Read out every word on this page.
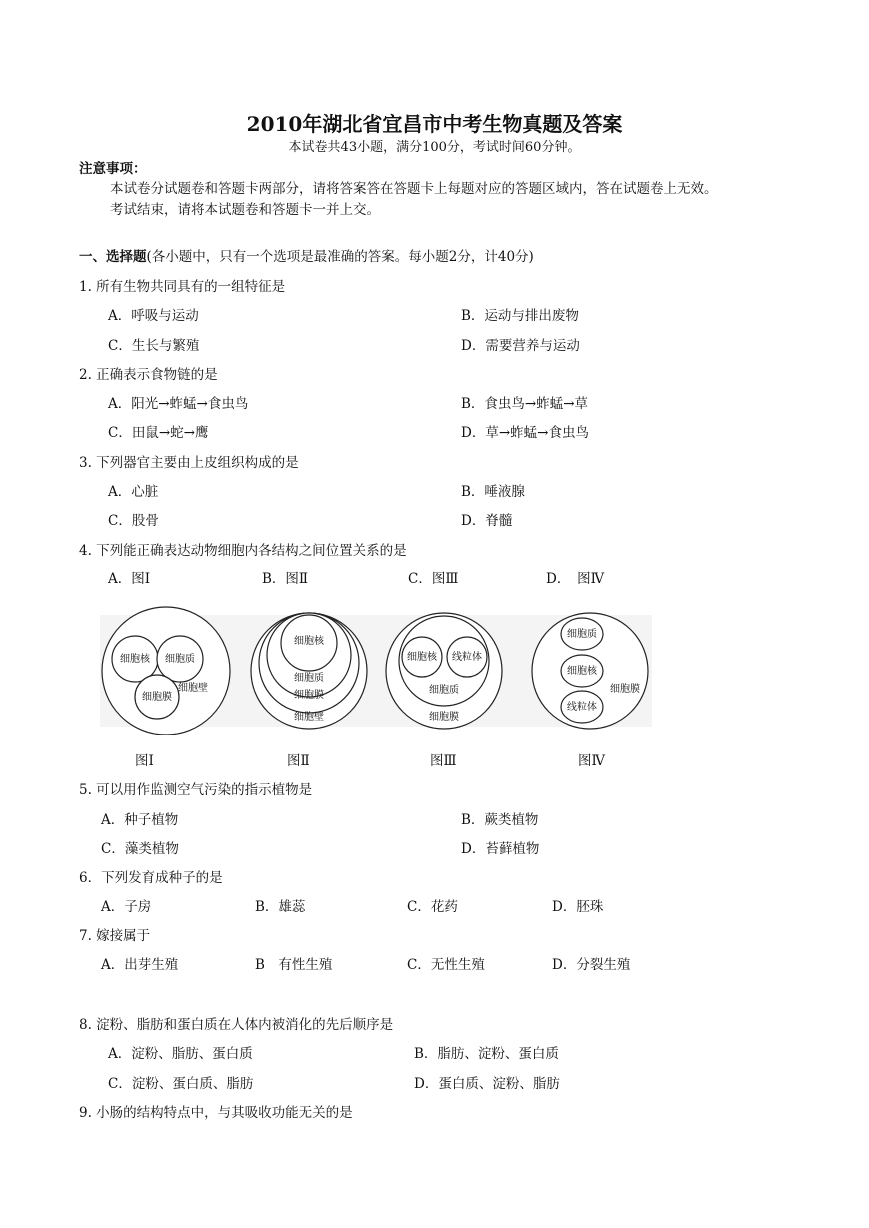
2010年湖北省宜昌市中考生物真题及答案
本试卷共43小题，满分100分，考试时间60分钟。
注意事项：
本试卷分试题卷和答题卡两部分，请将答案答在答题卡上每题对应的答题区域内，答在试题卷上无效。
考试结束，请将本试题卷和答题卡一并上交。
一、选择题(各小题中，只有一个选项是最准确的答案。每小题2分，计40分)
1. 所有生物共同具有的一组特征是
A．呼吸与运动	B．运动与排出废物
C．生长与繁殖	D．需要营养与运动
2. 正确表示食物链的是
A．阳光→蚱蜢→食虫鸟	B．食虫鸟→蚱蜢→草
C．田鼠→蛇→鹰	D．草→蚱蜢→食虫鸟
3. 下列器官主要由上皮组织构成的是
A．心脏	B．唾液腺
C．股骨	D．脊髓
4. 下列能正确表达动物细胞内各结构之间位置关系的是
A．图Ⅰ	B．图Ⅱ	C．图Ⅲ	D．　图Ⅳ
细胞核 细胞质
细胞膜
细胞壁
细胞核
细胞质
细胞膜
细胞壁
细胞核 线粒体
细胞质
细胞膜
细胞质
细胞核
线粒体
细胞膜
图Ⅰ	图Ⅱ	图Ⅲ	图Ⅳ
5. 可以用作监测空气污染的指示植物是
A．种子植物	B．蕨类植物
C．藻类植物	D．苔藓植物
6．下列发育成种子的是
A．子房	B．雄蕊	C．花药	D．胚珠
7. 嫁接属于
A．出芽生殖	B　有性生殖	C．无性生殖	D．分裂生殖
8. 淀粉、脂肪和蛋白质在人体内被消化的先后顺序是
A．淀粉、脂肪、蛋白质	B．脂肪、淀粉、蛋白质
C．淀粉、蛋白质、脂肪	D．蛋白质、淀粉、脂肪
9. 小肠的结构特点中，与其吸收功能无关的是
